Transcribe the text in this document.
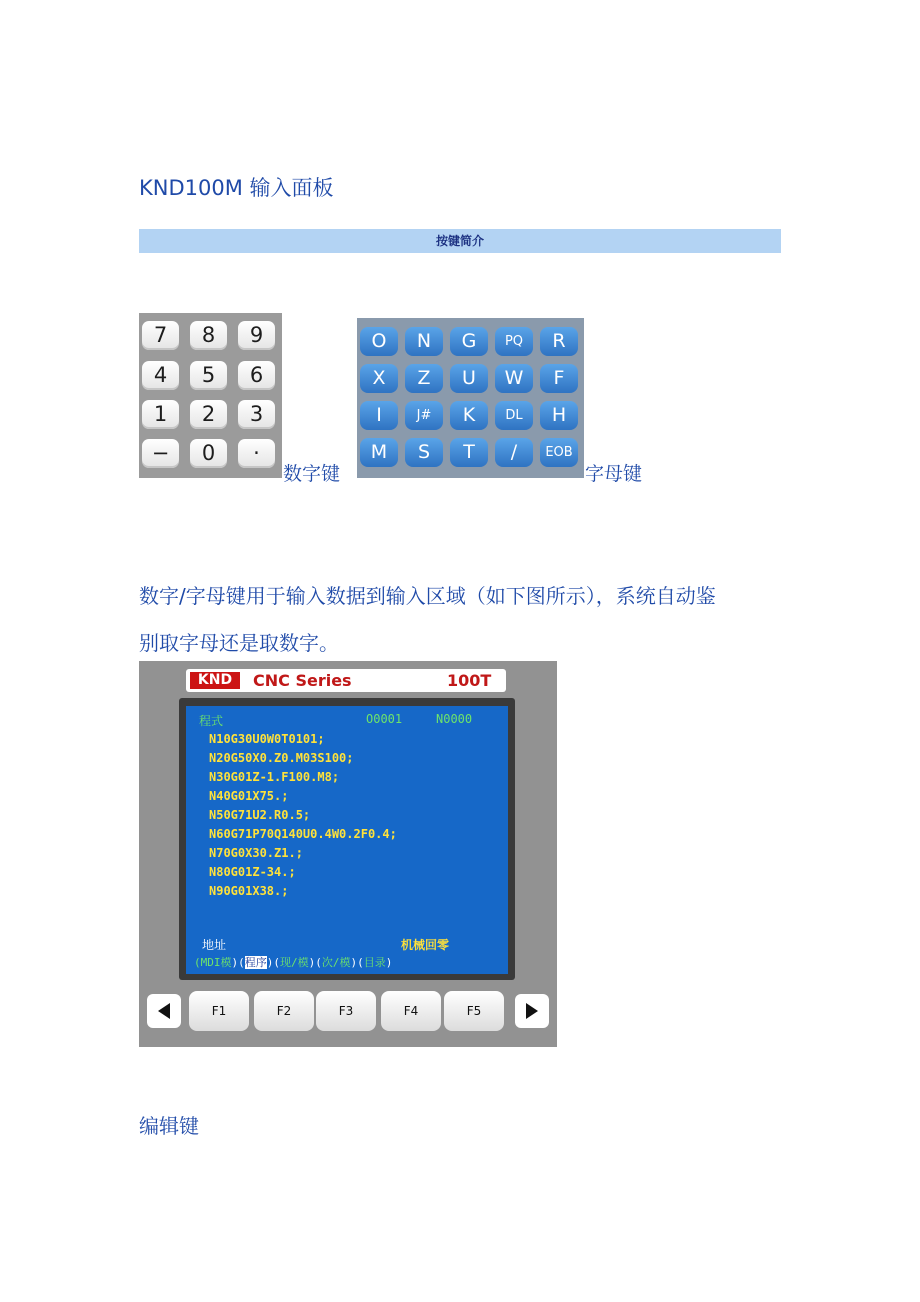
KND100M 输入面板
按键简介
7	8	9
4	5	6
1	2	3
−	0	·
数字键
O	N	G	PQ	R
X	Z	U	W	F
I	J#	K	DL	H
M	S	T	/	EOB
字母键
数字/字母键用于输入数据到输入区域（如下图所示），系统自动鉴
别取字母还是取数字。
KND	CNC Series	100T
程式	O0001	N0000
N10G30U0W0T0101;
N20G50X0.Z0.M03S100;
N30G01Z-1.F100.M8;
N40G01X75.;
N50G71U2.R0.5;
N60G71P70Q140U0.4W0.2F0.4;
N70G0X30.Z1.;
N80G01Z-34.;
N90G01X38.;
地址	机械回零
(MDI模)(程序)(现/模)(次/模)(目录)
F1	F2	F3	F4	F5
编辑键
